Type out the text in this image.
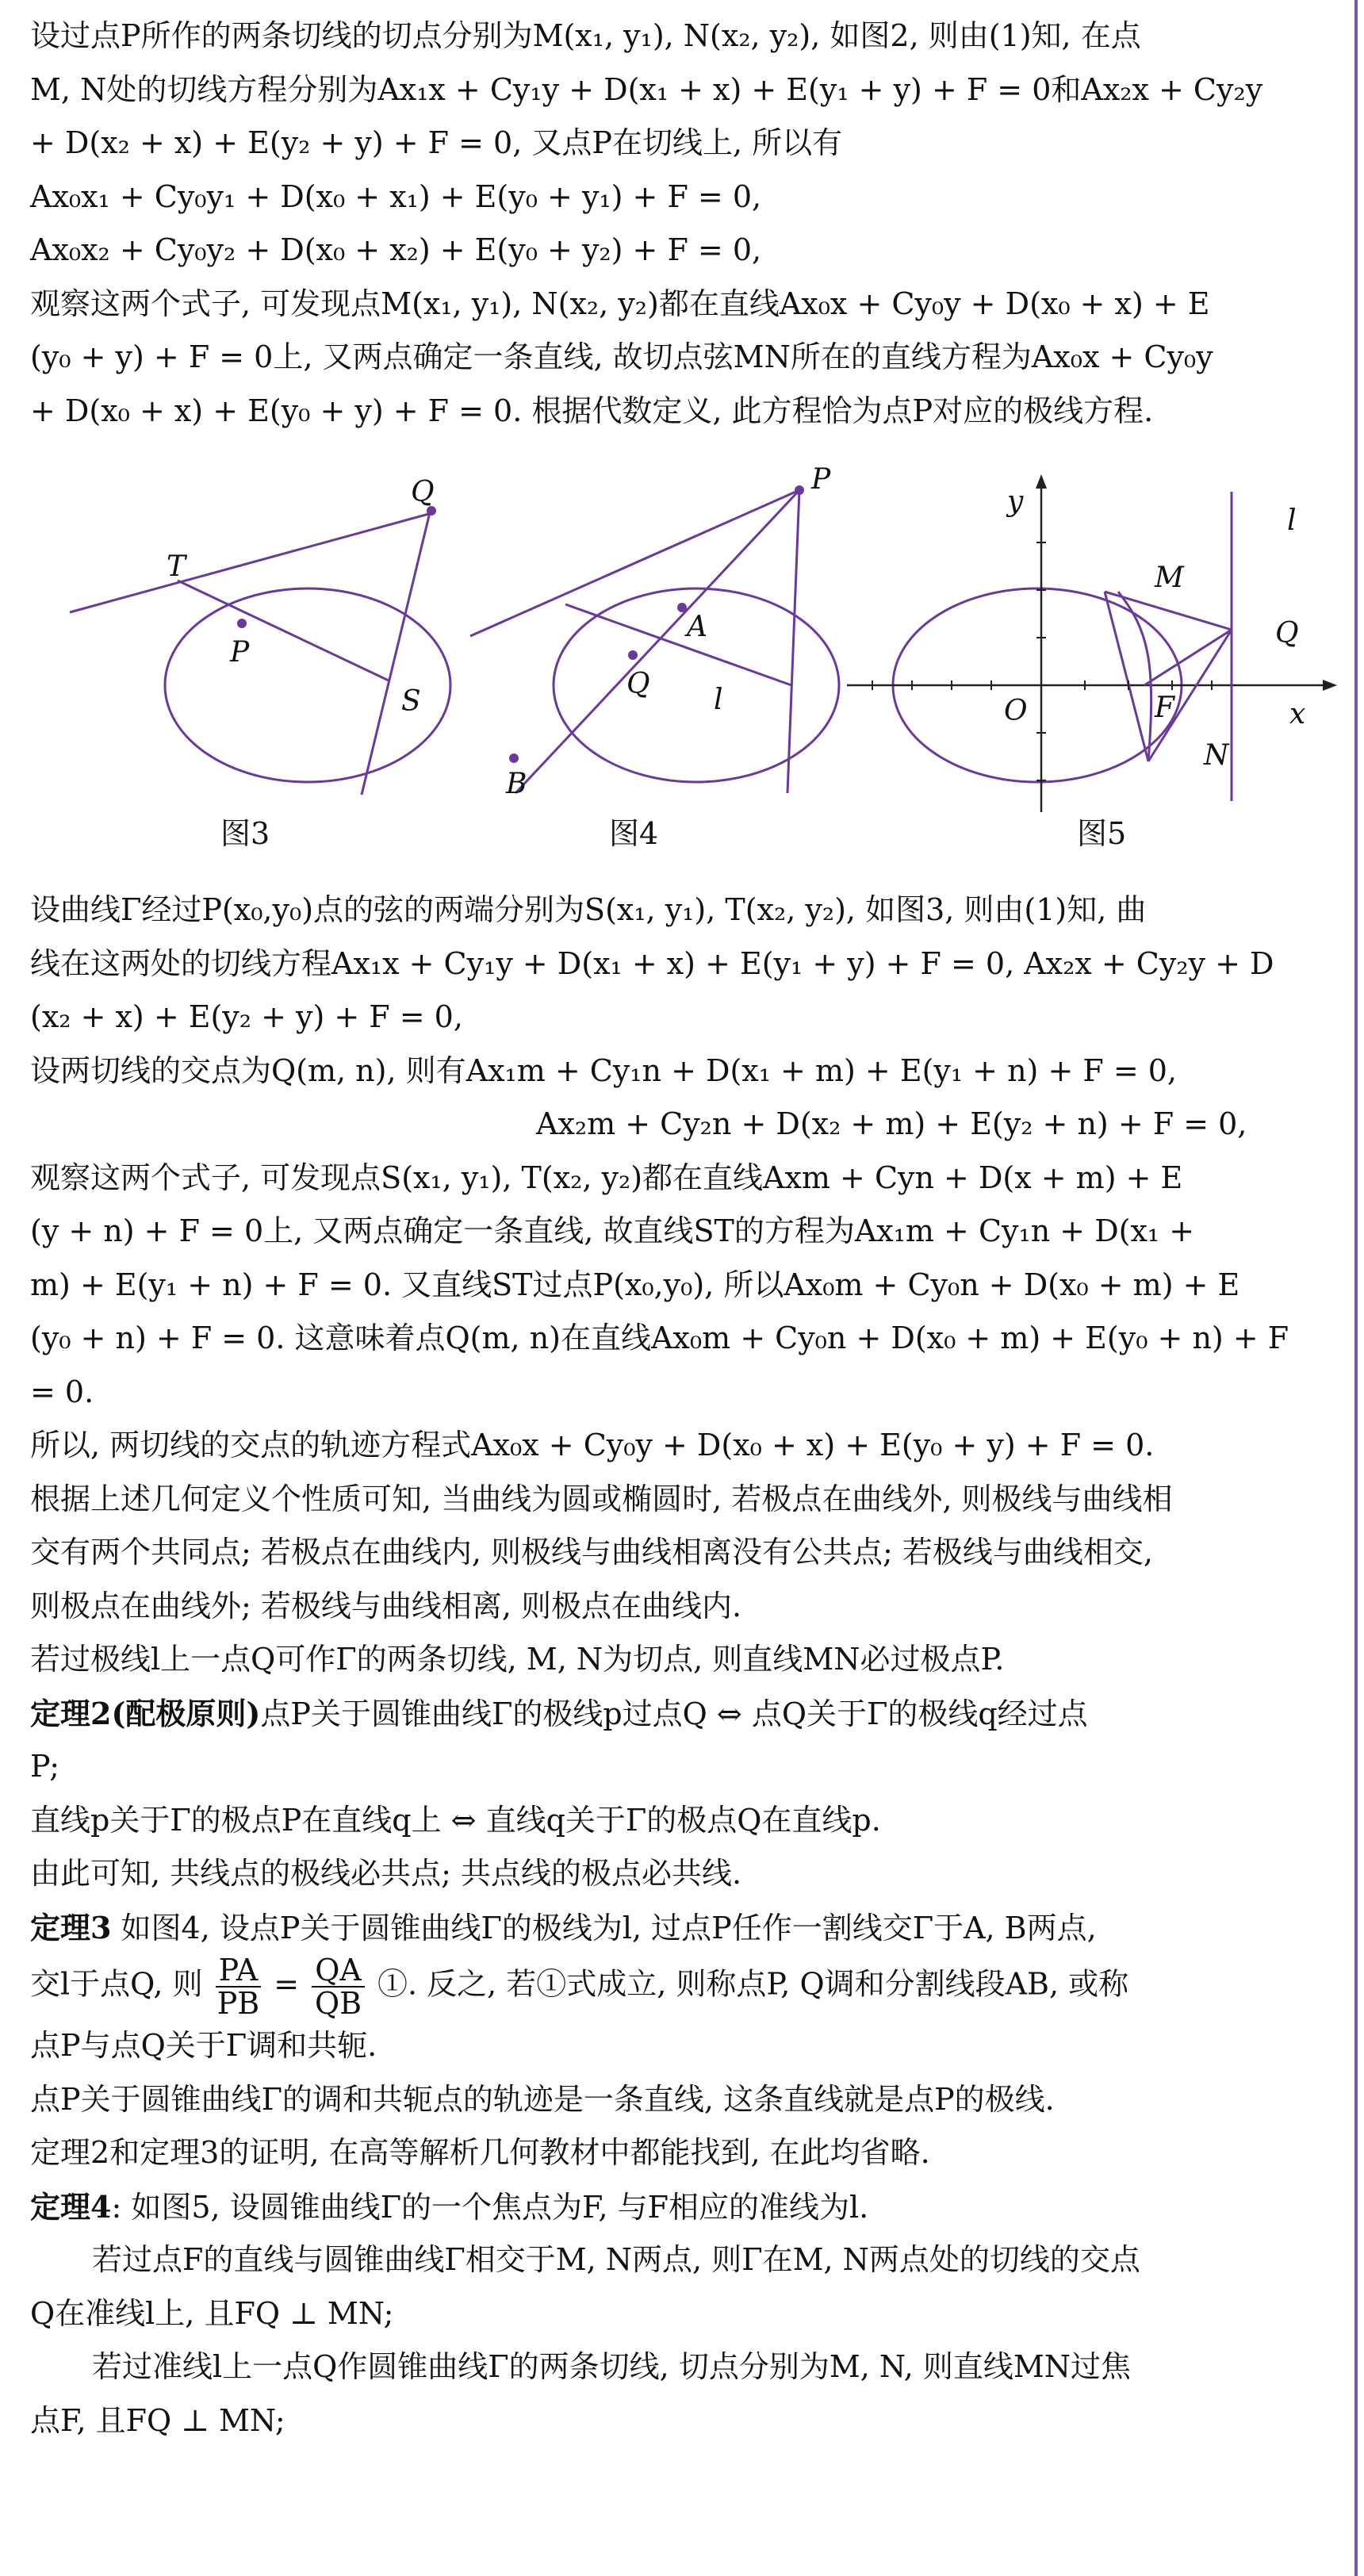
设过点P所作的两条切线的切点分别为M(x₁, y₁), N(x₂, y₂), 如图2, 则由(1)知, 在点
M, N处的切线方程分别为Ax₁x + Cy₁y + D(x₁ + x) + E(y₁ + y) + F = 0和Ax₂x + Cy₂y
+ D(x₂ + x) + E(y₂ + y) + F = 0, 又点P在切线上, 所以有
Ax₀x₁ + Cy₀y₁ + D(x₀ + x₁) + E(y₀ + y₁) + F = 0,
Ax₀x₂ + Cy₀y₂ + D(x₀ + x₂) + E(y₀ + y₂) + F = 0,
观察这两个式子, 可发现点M(x₁, y₁), N(x₂, y₂)都在直线Ax₀x + Cy₀y + D(x₀ + x) + E
(y₀ + y) + F = 0上, 又两点确定一条直线, 故切点弦MN所在的直线方程为Ax₀x + Cy₀y
+ D(x₀ + x) + E(y₀ + y) + F = 0. 根据代数定义, 此方程恰为点P对应的极线方程.
Q
T
P
S
P
A
Q l
B
y
l
M
Q
O	F	x
N
图3	图4	图5
设曲线Γ经过P(x₀,y₀)点的弦的两端分别为S(x₁, y₁), T(x₂, y₂), 如图3, 则由(1)知, 曲
线在这两处的切线方程Ax₁x + Cy₁y + D(x₁ + x) + E(y₁ + y) + F = 0, Ax₂x + Cy₂y + D
(x₂ + x) + E(y₂ + y) + F = 0,
设两切线的交点为Q(m, n), 则有Ax₁m + Cy₁n + D(x₁ + m) + E(y₁ + n) + F = 0,
Ax₂m + Cy₂n + D(x₂ + m) + E(y₂ + n) + F = 0,
观察这两个式子, 可发现点S(x₁, y₁), T(x₂, y₂)都在直线Axm + Cyn + D(x + m) + E
(y + n) + F = 0上, 又两点确定一条直线, 故直线ST的方程为Ax₁m + Cy₁n + D(x₁ +
m) + E(y₁ + n) + F = 0. 又直线ST过点P(x₀,y₀), 所以Ax₀m + Cy₀n + D(x₀ + m) + E
(y₀ + n) + F = 0. 这意味着点Q(m, n)在直线Ax₀m + Cy₀n + D(x₀ + m) + E(y₀ + n) + F
= 0.
所以, 两切线的交点的轨迹方程式Ax₀x + Cy₀y + D(x₀ + x) + E(y₀ + y) + F = 0.
根据上述几何定义个性质可知, 当曲线为圆或椭圆时, 若极点在曲线外, 则极线与曲线相
交有两个共同点; 若极点在曲线内, 则极线与曲线相离没有公共点; 若极线与曲线相交,
则极点在曲线外; 若极线与曲线相离, 则极点在曲线内.
若过极线l上一点Q可作Γ的两条切线, M, N为切点, 则直线MN必过极点P.
定理2(配极原则)点P关于圆锥曲线Γ的极线p过点Q ⇔ 点Q关于Γ的极线q经过点
P;
直线p关于Γ的极点P在直线q上 ⇔ 直线q关于Γ的极点Q在直线p.
由此可知, 共线点的极线必共点; 共点线的极点必共线.
定理3 如图4, 设点P关于圆锥曲线Γ的极线为l, 过点P任作一割线交Γ于A, B两点,
交l于点Q, 则 $\frac{PA}{PB} = \frac{QA}{QB}$ ①. 反之, 若①式成立, 则称点P, Q调和分割线段AB, 或称
点P与点Q关于Γ调和共轭.
点P关于圆锥曲线Γ的调和共轭点的轨迹是一条直线, 这条直线就是点P的极线.
定理2和定理3的证明, 在高等解析几何教材中都能找到, 在此均省略.
定理4: 如图5, 设圆锥曲线Γ的一个焦点为F, 与F相应的准线为l.
若过点F的直线与圆锥曲线Γ相交于M, N两点, 则Γ在M, N两点处的切线的交点
Q在准线l上, 且FQ ⊥ MN;
若过准线l上一点Q作圆锥曲线Γ的两条切线, 切点分别为M, N, 则直线MN过焦
点F, 且FQ ⊥ MN;
